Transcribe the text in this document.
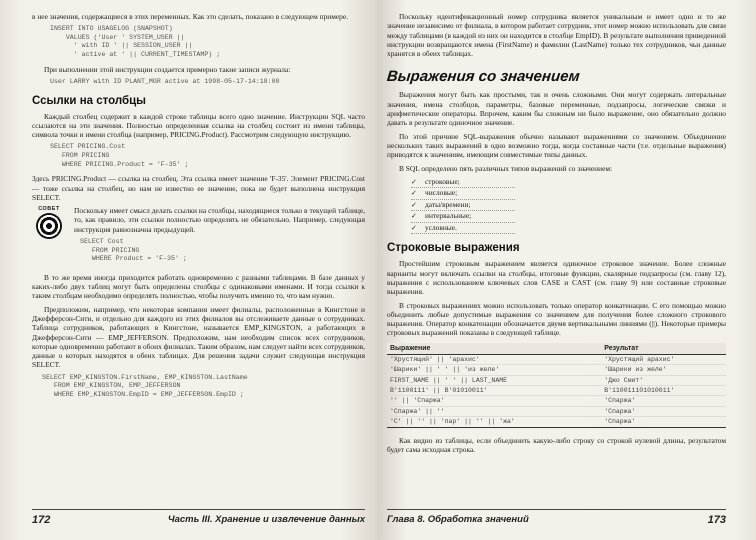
в нее значения, содержащиеся в этих переменных. Как это сделать, показано в следующем примере.

INSERT INTO USAGELOG (SNAPSHOT)
VALUES ('User ' SYSTEM_USER ||
' with ID ' || SESSION_USER ||
' active at ' || CURRENT_TIMESTAMP) ;

При выполнении этой инструкции создается примерно такие записи журнала:

User LARRY with ID PLANT_MGR active at 1998-05-17-14:18:00
Ссылки на столбцы

Каждый столбец содержит в каждой строке таблицы всего одно значение. Инструкции SQL часто ссылаются на эти значения. Полностью определенная ссылка на столбец состоит из имени таблицы, символа точки и имени столбца (например, PRICING.Product). Рассмотрим следующую инструкцию.

SELECT PRICING.Cost
FROM PRICING
WHERE PRICING.Product = 'F-35' ;

Здесь PRICING.Product — ссылка на столбец. Эта ссылка имеет значение 'F-35'. Элемент PRICING.Cost — тоже ссылка на столбец, но нам не известно ее значение, пока не будет выполнена инструкция SELECT.

СОВЕТ	Поскольку имеет смысл делать ссылки на столбцы, находящиеся только в текущей таблице, то, как правило, эти ссылки полностью определять не обязательно. Например, следующая инструкция равнозначна предыдущей.

SELECT Cost
FROM PRICING
WHERE Product = 'F-35' ;

В то же время иногда приходится работать одновременно с разными таблицами. В базе данных у каких-либо двух таблиц могут быть определены столбцы с одинаковыми именами. И тогда ссылки к таким столбцам необходимо определять полностью, чтобы получить именно то, что вам нужно.

Предположим, например, что некоторая компания имеет филиалы, расположенные в Кингстоне и Джефферсон-Сити, и отдельно для каждого из этих филиалов вы отслеживаете данные о сотрудниках. Таблица сотрудников, работающих в Кингстоне, называется EMP_KINGSTON, а работающих в Джефферсон-Сити — EMP_JEFFERSON. Предположим, нам необходим список всех сотрудников, которые одновременно работают в обоих филиалах. Таким образом, нам следует найти всех сотрудников, данные о которых находятся в обеих таблицах. Для решения задачи служит следующая инструкция SELECT.

SELECT EMP_KINGSTON.FirstName, EMP_KINGSTON.LastName
FROM EMP_KINGSTON, EMP_JEFFERSON
WHERE EMP_KINGSTON.EmpID = EMP_JEFFERSON.EmpID ;
172	Часть III. Хранение и извлечение данных

Поскольку идентификационный номер сотрудника является уникальным и имеет одно и то же значение независимо от филиала, в котором работает сотрудник, этот номер можно использовать для связи между таблицами (в каждой из них он находится в столбце EmpID). В результате выполнения приведенной инструкции возвращаются имена (FirstName) и фамилии (LastName) только тех сотрудников, чьи данные хранятся в обеих таблицах.

Выражения со значением

Выражения могут быть как простыми, так и очень сложными. Они могут содержать литеральные значения, имена столбцов, параметры, базовые переменные, подзапросы, логические связки и арифметические операторы. Впрочем, каким бы сложным ни было выражение, оно обязательно должно давать в результате одиночное значение.

По этой причине SQL-выражения обычно называют выражениями со значением. Объединение нескольких таких выражений в одно возможно тогда, когда составные части (т.е. отдельные выражения) приводятся к значениям, имеющим совместимые типы данных.

В SQL определено пять различных типов выражений со значением:

✓ строковые;
✓ числовые;
✓ даты/времени;
✓ интервальные;
✓ условные.
Строковые выражения

Простейшим строковым выражением является одиночное строковое значение. Более сложные варианты могут включать ссылки на столбцы, итоговые функции, скалярные подзапросы (см. главу 12), выражения с использованием ключевых слов CASE и CAST (см. главу 9) или составные строковые выражения.

В строковых выражениях можно использовать только оператор конкатенации. С его помощью можно объединить любые допустимые выражения со значением для получения более сложного строкового выражения. Оператор конкатенации обозначается двумя вертикальными линиями (||). Некоторые примеры строковых выражений показаны в следующей таблице.

Выражение	Результат
'Хрустящий' || 'арахис'	'Хрустящий арахис'
'Шарики' || ' ' || 'из желе'	'Шарики из желе'
FIRST_NAME || ' ' || LAST_NAME	'Джо Смит'
B'1100111' || B'01010011'	B'110011101010011'
'' || 'Спаржа'	'Спаржа'
'Спаржа' || ''	'Спаржа'
'С' || '' || 'пар' || '' || 'жа'	'Спаржа'

Как видно из таблицы, если объединить какую-либо строку со строкой нулевой длины, результатом будет сама исходная строка.

Глава 8. Обработка значений	173
